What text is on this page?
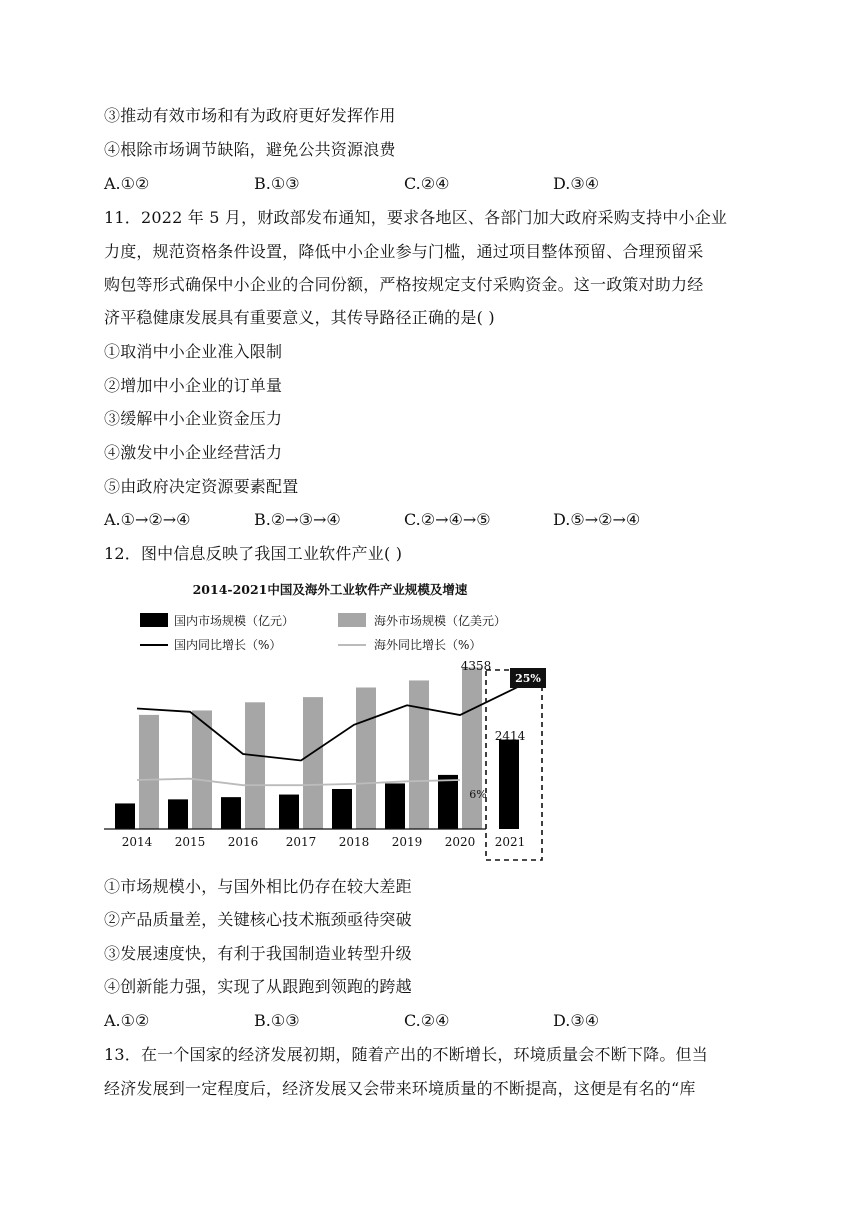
③推动有效市场和有为政府更好发挥作用
④根除市场调节缺陷，避免公共资源浪费
A.①②	B.①③	C.②④	D.③④
11．2022 年 5 月，财政部发布通知，要求各地区、各部门加大政府采购支持中小企业
力度，规范资格条件设置，降低中小企业参与门槛，通过项目整体预留、合理预留采
购包等形式确保中小企业的合同份额，严格按规定支付采购资金。这一政策对助力经
济平稳健康发展具有重要意义，其传导路径正确的是( )
①取消中小企业准入限制
②增加中小企业的订单量
③缓解中小企业资金压力
④激发中小企业经营活力
⑤由政府决定资源要素配置
A.①→②→④	B.②→③→④	C.②→④→⑤	D.⑤→②→④
12．图中信息反映了我国工业软件产业( )
2014-2021中国及海外工业软件产业规模及增速
国内市场规模（亿元）	海外市场规模（亿美元）
国内同比增长（%）	海外同比增长（%）
4358
2414
25%
6%
2014 2015 2016 2017 2018 2019 2020 2021
①市场规模小，与国外相比仍存在较大差距
②产品质量差，关键核心技术瓶颈亟待突破
③发展速度快，有利于我国制造业转型升级
④创新能力强，实现了从跟跑到领跑的跨越
A.①②	B.①③	C.②④	D.③④
13．在一个国家的经济发展初期，随着产出的不断增长，环境质量会不断下降。但当
经济发展到一定程度后，经济发展又会带来环境质量的不断提高，这便是有名的“库
